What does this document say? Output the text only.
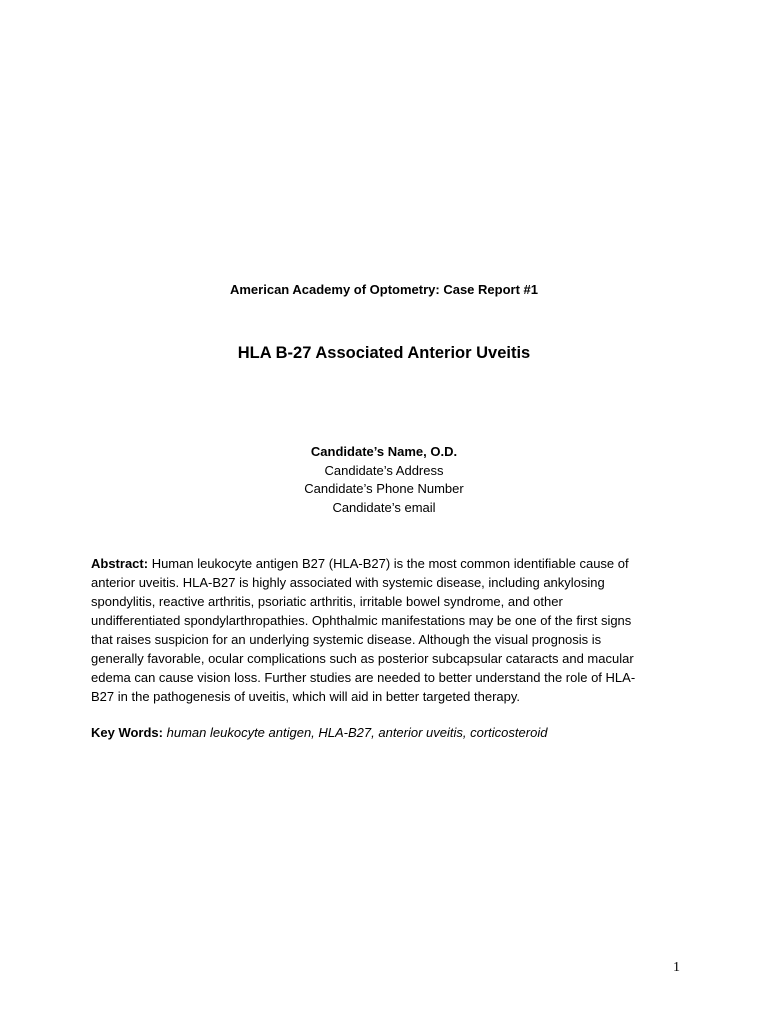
American Academy of Optometry: Case Report #1
HLA B-27 Associated Anterior Uveitis
Candidate’s Name, O.D.
Candidate’s Address
Candidate’s Phone Number
Candidate’s email
Abstract: Human leukocyte antigen B27 (HLA-B27) is the most common identifiable cause of
anterior uveitis. HLA-B27 is highly associated with systemic disease, including ankylosing
spondylitis, reactive arthritis, psoriatic arthritis, irritable bowel syndrome, and other
undifferentiated spondylarthropathies. Ophthalmic manifestations may be one of the first signs
that raises suspicion for an underlying systemic disease. Although the visual prognosis is
generally favorable, ocular complications such as posterior subcapsular cataracts and macular
edema can cause vision loss. Further studies are needed to better understand the role of HLA-
B27 in the pathogenesis of uveitis, which will aid in better targeted therapy.
Key Words: human leukocyte antigen, HLA-B27, anterior uveitis, corticosteroid
1
